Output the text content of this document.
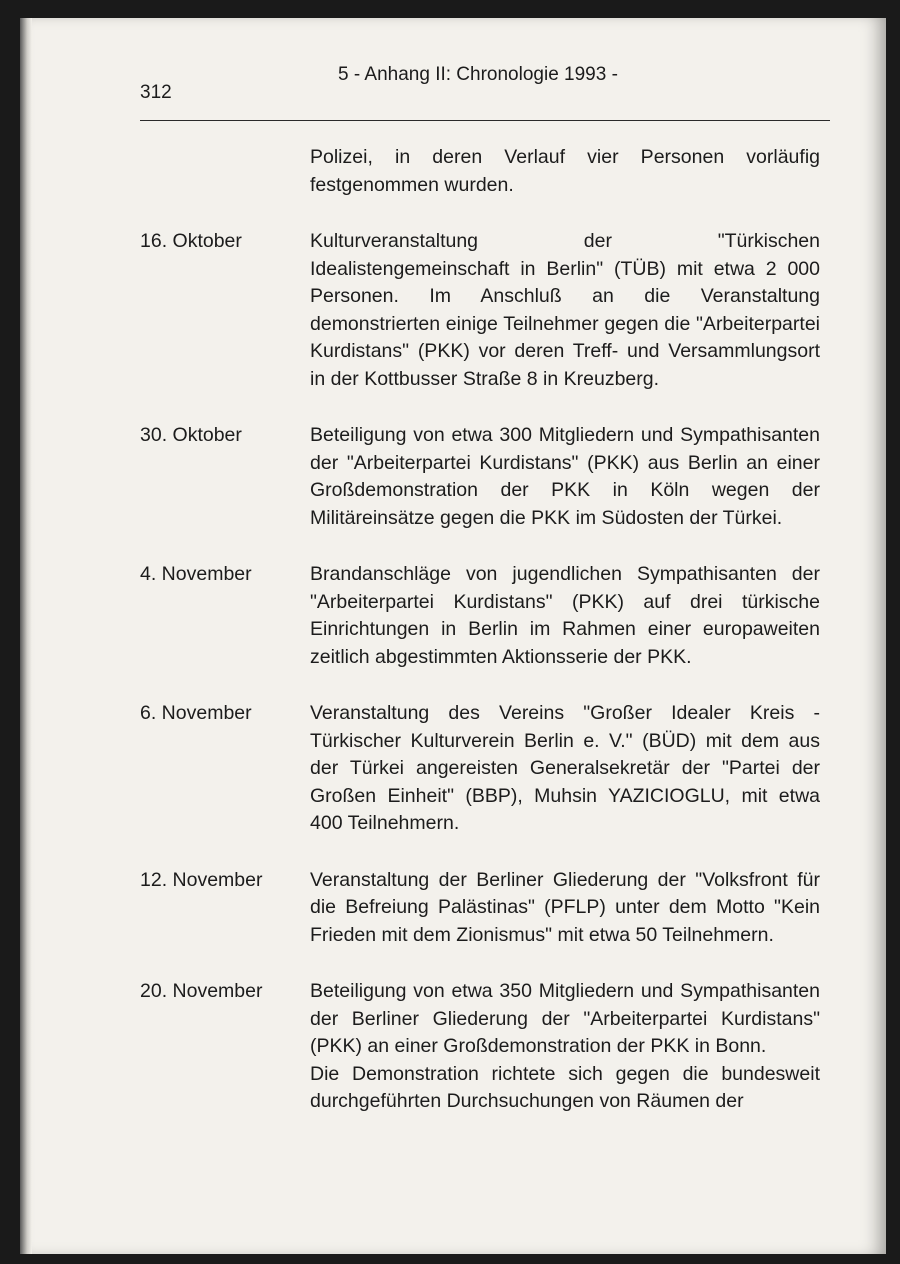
312
5 - Anhang II: Chronologie 1993 -

Polizei, in deren Verlauf vier Personen vorläufig festgenommen wurden.

16. Oktober	Kulturveranstaltung der "Türkischen Idealistengemeinschaft in Berlin" (TÜB) mit etwa 2 000 Personen. Im Anschluß an die Veranstaltung demonstrierten einige Teilnehmer gegen die "Arbeiterpartei Kurdistans" (PKK) vor deren Treff- und Versammlungsort in der Kottbusser Straße 8 in Kreuzberg.

30. Oktober	Beteiligung von etwa 300 Mitgliedern und Sympathisanten der "Arbeiterpartei Kurdistans" (PKK) aus Berlin an einer Großdemonstration der PKK in Köln wegen der Militäreinsätze gegen die PKK im Südosten der Türkei.

4. November	Brandanschläge von jugendlichen Sympathisanten der "Arbeiterpartei Kurdistans" (PKK) auf drei türkische Einrichtungen in Berlin im Rahmen einer europaweiten zeitlich abgestimmten Aktionsserie der PKK.

6. November	Veranstaltung des Vereins "Großer Idealer Kreis - Türkischer Kulturverein Berlin e. V." (BÜD) mit dem aus der Türkei angereisten Generalsekretär der "Partei der Großen Einheit" (BBP), Muhsin YAZICIOGLU, mit etwa 400 Teilnehmern.

12. November	Veranstaltung der Berliner Gliederung der "Volksfront für die Befreiung Palästinas" (PFLP) unter dem Motto "Kein Frieden mit dem Zionismus" mit etwa 50 Teilnehmern.

20. November	Beteiligung von etwa 350 Mitgliedern und Sympathisanten der Berliner Gliederung der "Arbeiterpartei Kurdistans" (PKK) an einer Großdemonstration der PKK in Bonn.

Die Demonstration richtete sich gegen die bundesweit durchgeführten Durchsuchungen von Räumen der
